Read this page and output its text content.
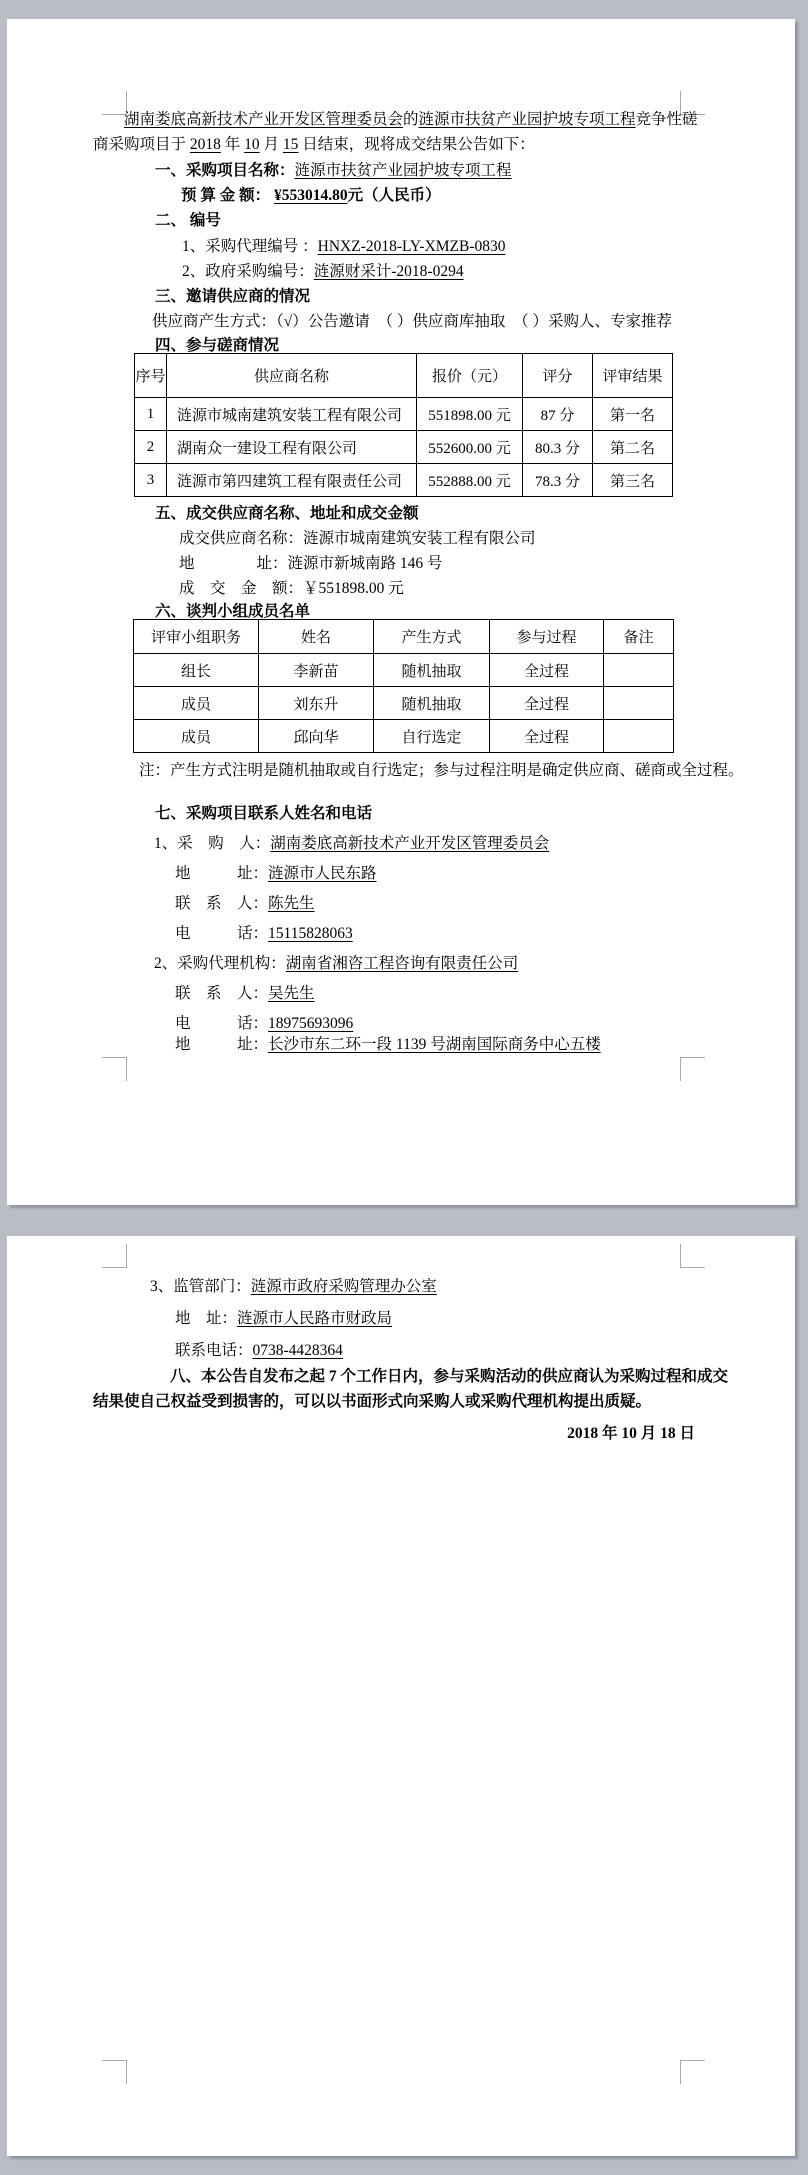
湖南娄底高新技术产业开发区管理委员会的涟源市扶贫产业园护坡专项工程竞争性磋
商采购项目于 2018 年 10 月 15 日结束，现将成交结果公告如下：
一、采购项目名称：涟源市扶贫产业园护坡专项工程
预 算 金 额： ¥553014.80元（人民币）
二、 编号
1、采购代理编号 ：HNXZ-2018-LY-XMZB-0830
2、政府采购编号：涟源财采计-2018-0294
三、邀请供应商的情况
供应商产生方式：（√）公告邀请　（ ）供应商库抽取　（ ）采购人、专家推荐
四、参与磋商情况
序号	供应商名称	报价（元）	评分	评审结果
1	涟源市城南建筑安装工程有限公司	551898.00 元	87 分	第一名
2	湖南众一建设工程有限公司	552600.00 元	80.3 分	第二名
3	涟源市第四建筑工程有限责任公司	552888.00 元	78.3 分	第三名
五、成交供应商名称、地址和成交金额
成交供应商名称：涟源市城南建筑安装工程有限公司
地　　　　址：涟源市新城南路 146 号
成　交　金　额：￥551898.00 元
六、谈判小组成员名单
评审小组职务	姓名	产生方式	参与过程	备注
组长	李新苗	随机抽取	全过程	
成员	刘东升	随机抽取	全过程	
成员	邱向华	自行选定	全过程	
注：产生方式注明是随机抽取或自行选定；参与过程注明是确定供应商、磋商或全过程。
七、采购项目联系人姓名和电话
1、采　购　人：湖南娄底高新技术产业开发区管理委员会
地　　　址：涟源市人民东路
联　系　人：陈先生
电　　　话：15115828063
2、采购代理机构：湖南省湘咨工程咨询有限责任公司
联　系　人：吴先生
电　　　话：18975693096
地　　　址：长沙市东二环一段 1139 号湖南国际商务中心五楼
3、监管部门：涟源市政府采购管理办公室
地　址：涟源市人民路市财政局
联系电话：0738-4428364
八、本公告自发布之起 7 个工作日内，参与采购活动的供应商认为采购过程和成交
结果使自己权益受到损害的，可以以书面形式向采购人或采购代理机构提出质疑。
2018 年 10 月 18 日
